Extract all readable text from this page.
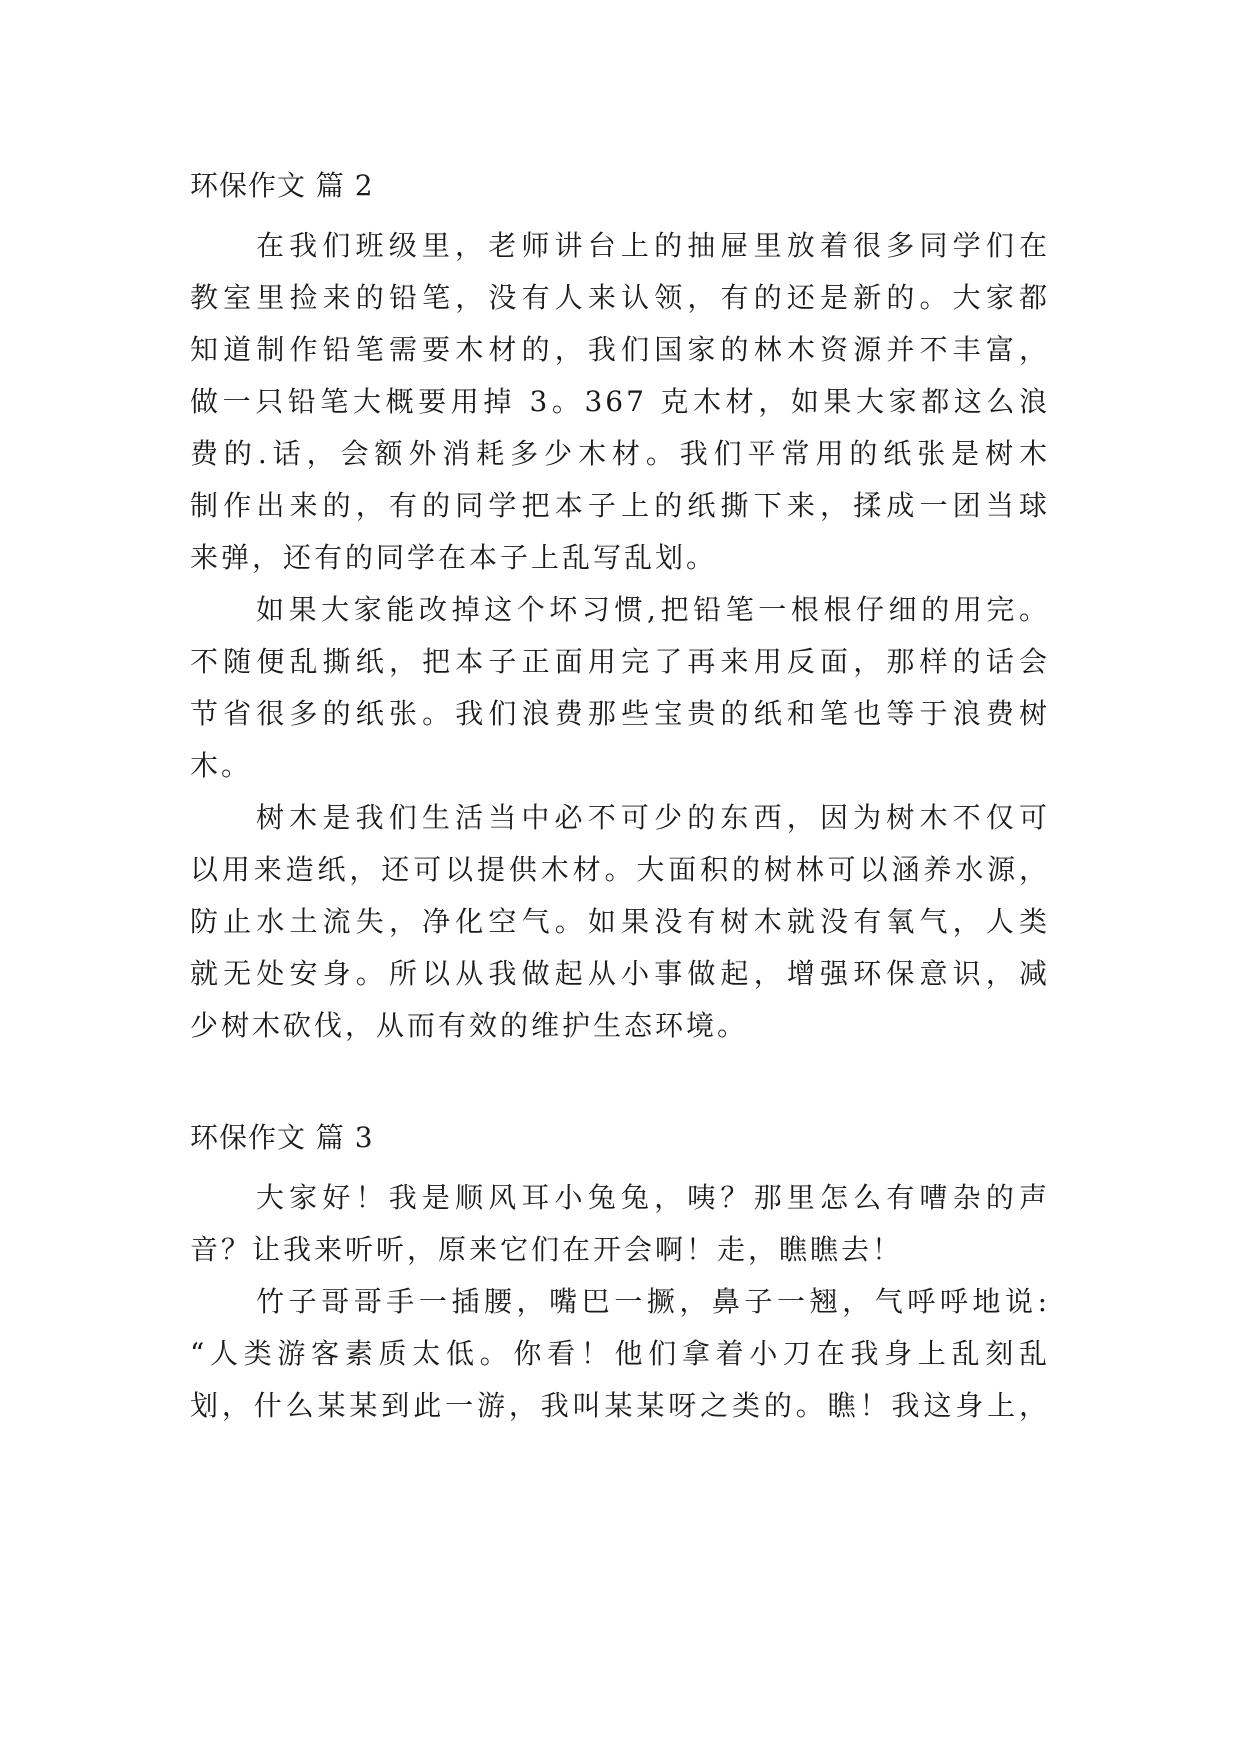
环保作文 篇 2
在我们班级里，老师讲台上的抽屉里放着很多同学们在
教室里捡来的铅笔，没有人来认领，有的还是新的。大家都
知道制作铅笔需要木材的，我们国家的林木资源并不丰富，
做一只铅笔大概要用掉 3。367 克木材，如果大家都这么浪
费的.话，会额外消耗多少木材。我们平常用的纸张是树木
制作出来的，有的同学把本子上的纸撕下来，揉成一团当球
来弹，还有的同学在本子上乱写乱划。
如果大家能改掉这个坏习惯,把铅笔一根根仔细的用完。
不随便乱撕纸，把本子正面用完了再来用反面，那样的话会
节省很多的纸张。我们浪费那些宝贵的纸和笔也等于浪费树
木。
树木是我们生活当中必不可少的东西，因为树木不仅可
以用来造纸，还可以提供木材。大面积的树林可以涵养水源，
防止水土流失，净化空气。如果没有树木就没有氧气，人类
就无处安身。所以从我做起从小事做起，增强环保意识，减
少树木砍伐，从而有效的维护生态环境。
环保作文 篇 3
大家好！我是顺风耳小兔兔，咦？那里怎么有嘈杂的声
音？让我来听听，原来它们在开会啊！走，瞧瞧去！
竹子哥哥手一插腰，嘴巴一撅，鼻子一翘，气呼呼地说:
“人类游客素质太低。你看！他们拿着小刀在我身上乱刻乱
划，什么某某到此一游，我叫某某呀之类的。瞧！我这身上，
